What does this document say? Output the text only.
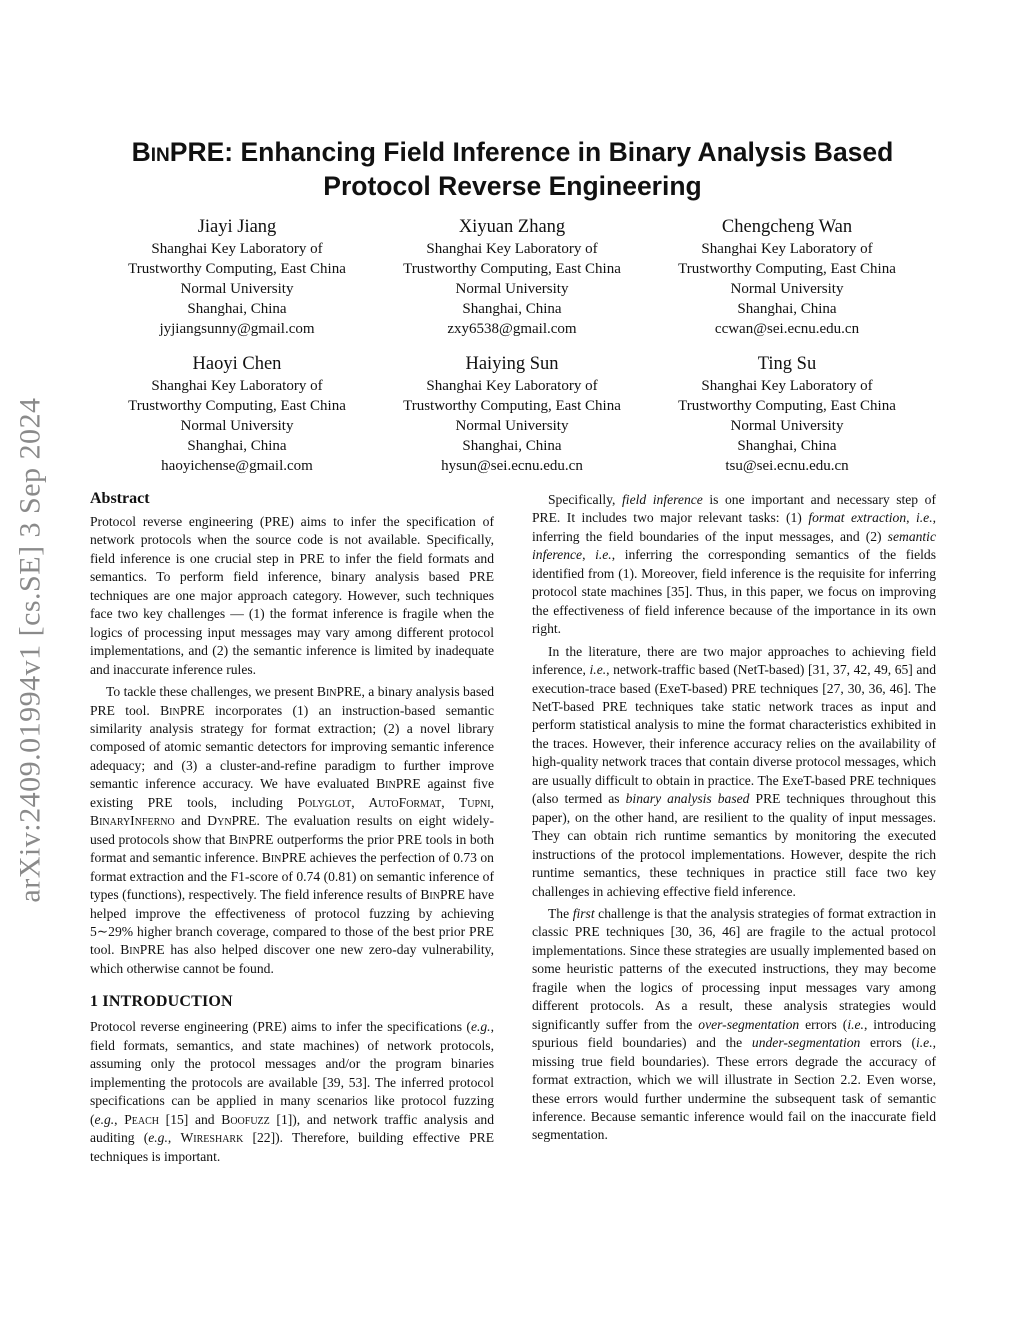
arXiv:2409.01994v1 [cs.SE] 3 Sep 2024
BinPRE: Enhancing Field Inference in Binary Analysis Based
Protocol Reverse Engineering
Jiayi Jiang
Shanghai Key Laboratory of
Trustworthy Computing, East China
Normal University
Shanghai, China
jyjiangsunny@gmail.com
Xiyuan Zhang
Shanghai Key Laboratory of
Trustworthy Computing, East China
Normal University
Shanghai, China
zxy6538@gmail.com
Chengcheng Wan
Shanghai Key Laboratory of
Trustworthy Computing, East China
Normal University
Shanghai, China
ccwan@sei.ecnu.edu.cn
Haoyi Chen
Shanghai Key Laboratory of
Trustworthy Computing, East China
Normal University
Shanghai, China
haoyichense@gmail.com
Haiying Sun
Shanghai Key Laboratory of
Trustworthy Computing, East China
Normal University
Shanghai, China
hysun@sei.ecnu.edu.cn
Ting Su
Shanghai Key Laboratory of
Trustworthy Computing, East China
Normal University
Shanghai, China
tsu@sei.ecnu.edu.cn
Abstract

Protocol reverse engineering (PRE) aims to infer the specification of network protocols when the source code is not available. Specifically, field inference is one crucial step in PRE to infer the field formats and semantics. To perform field inference, binary analysis based PRE techniques are one major approach category. However, such techniques face two key challenges — (1) the format inference is fragile when the logics of processing input messages may vary among different protocol implementations, and (2) the semantic inference is limited by inadequate and inaccurate inference rules.

To tackle these challenges, we present BinPRE, a binary analysis based PRE tool. BinPRE incorporates (1) an instruction-based semantic similarity analysis strategy for format extraction; (2) a novel library composed of atomic semantic detectors for improving semantic inference adequacy; and (3) a cluster-and-refine paradigm to further improve semantic inference accuracy. We have evaluated BinPRE against five existing PRE tools, including Polyglot, AutoFormat, Tupni, BinaryInferno and DynPRE. The evaluation results on eight widely-used protocols show that BinPRE outperforms the prior PRE tools in both format and semantic inference. BinPRE achieves the perfection of 0.73 on format extraction and the F1-score of 0.74 (0.81) on semantic inference of types (functions), respectively. The field inference results of BinPRE have helped improve the effectiveness of protocol fuzzing by achieving 5∼29% higher branch coverage, compared to those of the best prior PRE tool. BinPRE has also helped discover one new zero-day vulnerability, which otherwise cannot be found.

1 INTRODUCTION

Protocol reverse engineering (PRE) aims to infer the specifications (e.g., field formats, semantics, and state machines) of network protocols, assuming only the protocol messages and/or the program binaries implementing the protocols are available [39, 53]. The inferred protocol specifications can be applied in many scenarios like protocol fuzzing (e.g., Peach [15] and Boofuzz [1]), and network traffic analysis and auditing (e.g., Wireshark [22]). Therefore, building effective PRE techniques is important.

Specifically, field inference is one important and necessary step of PRE. It includes two major relevant tasks: (1) format extraction, i.e., inferring the field boundaries of the input messages, and (2) semantic inference, i.e., inferring the corresponding semantics of the fields identified from (1). Moreover, field inference is the requisite for inferring protocol state machines [35]. Thus, in this paper, we focus on improving the effectiveness of field inference because of the importance in its own right.

In the literature, there are two major approaches to achieving field inference, i.e., network-traffic based (NetT-based) [31, 37, 42, 49, 65] and execution-trace based (ExeT-based) PRE techniques [27, 30, 36, 46]. The NetT-based PRE techniques take static network traces as input and perform statistical analysis to mine the format characteristics exhibited in the traces. However, their inference accuracy relies on the availability of high-quality network traces that contain diverse protocol messages, which are usually difficult to obtain in practice. The ExeT-based PRE techniques (also termed as binary analysis based PRE techniques throughout this paper), on the other hand, are resilient to the quality of input messages. They can obtain rich runtime semantics by monitoring the executed instructions of the protocol implementations. However, despite the rich runtime semantics, these techniques in practice still face two key challenges in achieving effective field inference.

The first challenge is that the analysis strategies of format extraction in classic PRE techniques [30, 36, 46] are fragile to the actual protocol implementations. Since these strategies are usually implemented based on some heuristic patterns of the executed instructions, they may become fragile when the logics of processing input messages vary among different protocols. As a result, these analysis strategies would significantly suffer from the over-segmentation errors (i.e., introducing spurious field boundaries) and the under-segmentation errors (i.e., missing true field boundaries). These errors degrade the accuracy of format extraction, which we will illustrate in Section 2.2. Even worse, these errors would further undermine the subsequent task of semantic inference. Because semantic inference would fail on the inaccurate field segmentation.
